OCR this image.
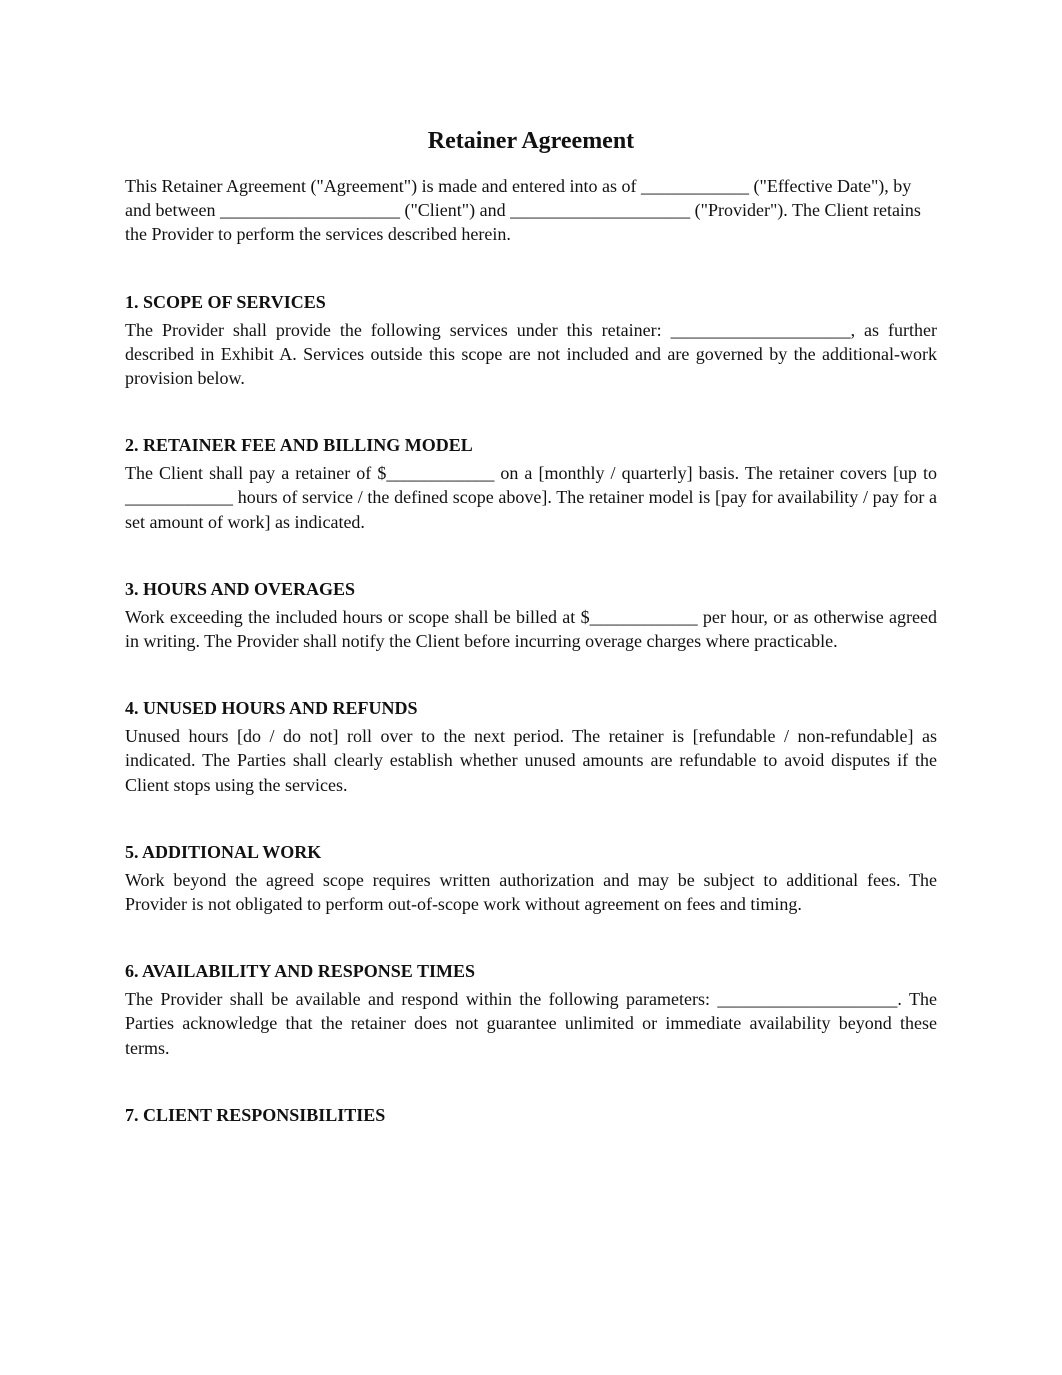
Retainer Agreement

This Retainer Agreement ("Agreement") is made and entered into as of ____________ ("Effective Date"), by and between ____________________ ("Client") and ____________________ ("Provider"). The Client retains the Provider to perform the services described herein.

1. SCOPE OF SERVICES

The Provider shall provide the following services under this retainer: ____________________, as further described in Exhibit A. Services outside this scope are not included and are governed by the additional-work provision below.

2. RETAINER FEE AND BILLING MODEL

The Client shall pay a retainer of $____________ on a [monthly / quarterly] basis. The retainer covers [up to ____________ hours of service / the defined scope above]. The retainer model is [pay for availability / pay for a set amount of work] as indicated.

3. HOURS AND OVERAGES

Work exceeding the included hours or scope shall be billed at $____________ per hour, or as otherwise agreed in writing. The Provider shall notify the Client before incurring overage charges where practicable.

4. UNUSED HOURS AND REFUNDS

Unused hours [do / do not] roll over to the next period. The retainer is [refundable / non-refundable] as indicated. The Parties shall clearly establish whether unused amounts are refundable to avoid disputes if the Client stops using the services.

5. ADDITIONAL WORK

Work beyond the agreed scope requires written authorization and may be subject to additional fees. The Provider is not obligated to perform out-of-scope work without agreement on fees and timing.

6. AVAILABILITY AND RESPONSE TIMES

The Provider shall be available and respond within the following parameters: ____________________. The Parties acknowledge that the retainer does not guarantee unlimited or immediate availability beyond these terms.

7. CLIENT RESPONSIBILITIES
